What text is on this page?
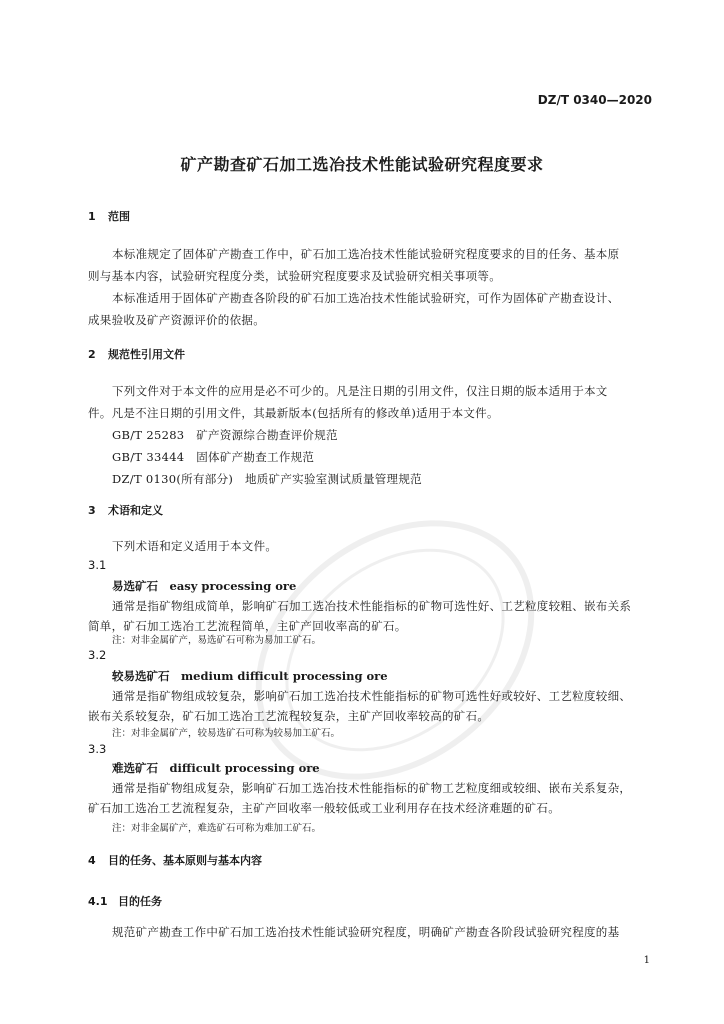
DZ/T 0340—2020
矿产勘查矿石加工选冶技术性能试验研究程度要求
1 范围
本标准规定了固体矿产勘查工作中，矿石加工选冶技术性能试验研究程度要求的目的任务、基本原
则与基本内容，试验研究程度分类，试验研究程度要求及试验研究相关事项等。
本标准适用于固体矿产勘查各阶段的矿石加工选冶技术性能试验研究，可作为固体矿产勘查设计、
成果验收及矿产资源评价的依据。
2 规范性引用文件
下列文件对于本文件的应用是必不可少的。凡是注日期的引用文件，仅注日期的版本适用于本文
件。凡是不注日期的引用文件，其最新版本(包括所有的修改单)适用于本文件。
GB/T 25283　矿产资源综合勘查评价规范
GB/T 33444　固体矿产勘查工作规范
DZ/T 0130(所有部分)　地质矿产实验室测试质量管理规范
3 术语和定义
下列术语和定义适用于本文件。
3.1
易选矿石　easy processing ore
通常是指矿物组成简单，影响矿石加工选冶技术性能指标的矿物可选性好、工艺粒度较粗、嵌布关系
简单，矿石加工选冶工艺流程简单，主矿产回收率高的矿石。
注：对非金属矿产，易选矿石可称为易加工矿石。
3.2
较易选矿石　medium difficult processing ore
通常是指矿物组成较复杂，影响矿石加工选冶技术性能指标的矿物可选性好或较好、工艺粒度较细、
嵌布关系较复杂，矿石加工选冶工艺流程较复杂，主矿产回收率较高的矿石。
注：对非金属矿产，较易选矿石可称为较易加工矿石。
3.3
难选矿石　difficult processing ore
通常是指矿物组成复杂，影响矿石加工选冶技术性能指标的矿物工艺粒度细或较细、嵌布关系复杂，
矿石加工选冶工艺流程复杂，主矿产回收率一般较低或工业利用存在技术经济难题的矿石。
注：对非金属矿产，难选矿石可称为难加工矿石。
4 目的任务、基本原则与基本内容
4.1 目的任务
规范矿产勘查工作中矿石加工选冶技术性能试验研究程度，明确矿产勘查各阶段试验研究程度的基
1
